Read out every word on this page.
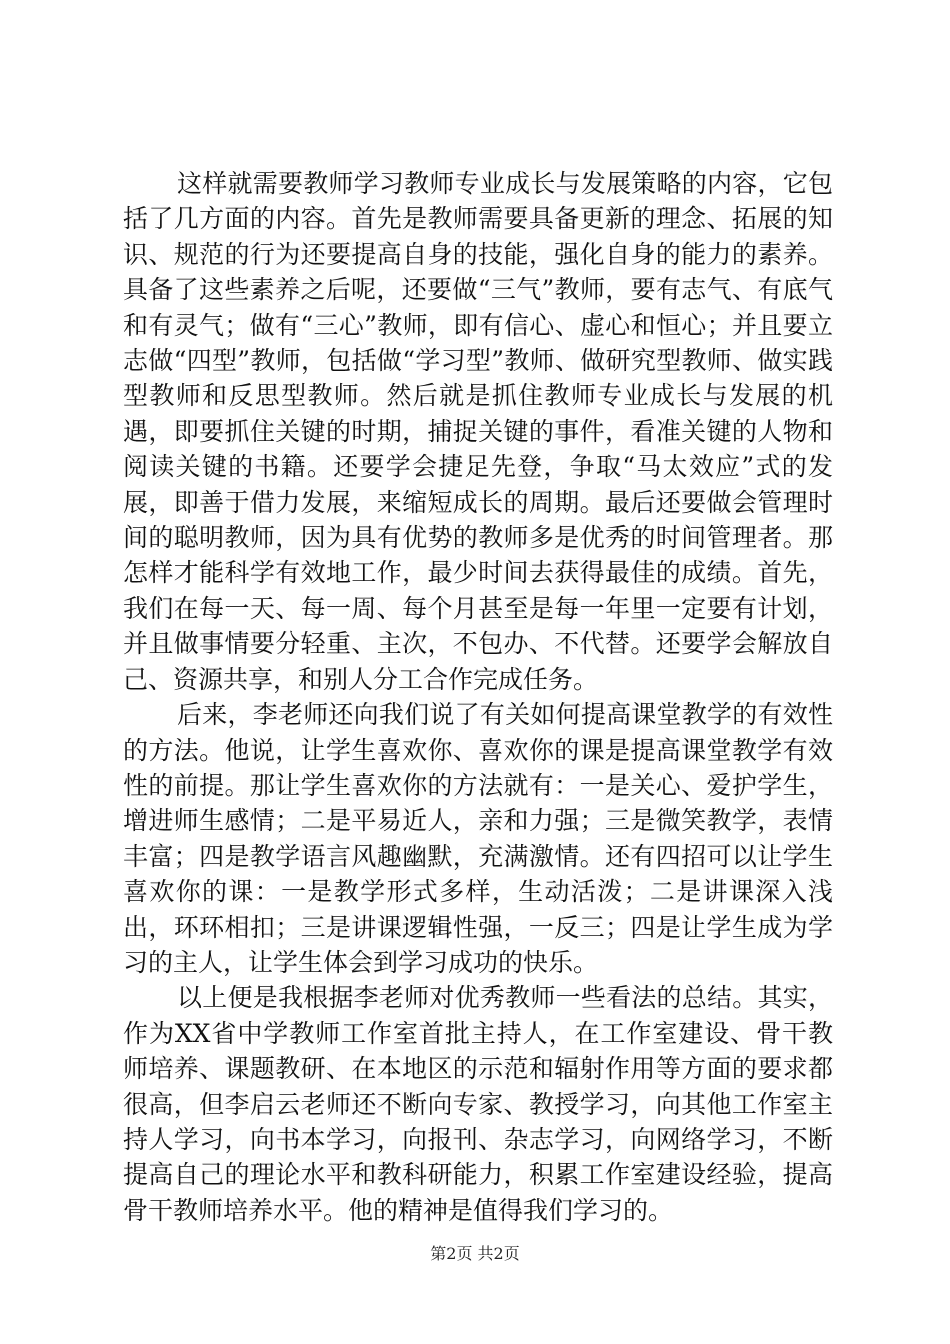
这样就需要教师学习教师专业成长与发展策略的内容，它包括了几方面的内容。首先是教师需要具备更新的理念、拓展的知识、规范的行为还要提高自身的技能，强化自身的能力的素养。具备了这些素养之后呢，还要做“三气”教师，要有志气、有底气和有灵气；做有“三心”教师，即有信心、虚心和恒心；并且要立志做“四型”教师，包括做“学习型”教师、做研究型教师、做实践型教师和反思型教师。然后就是抓住教师专业成长与发展的机遇，即要抓住关键的时期，捕捉关键的事件，看准关键的人物和阅读关键的书籍。还要学会捷足先登，争取“马太效应”式的发展，即善于借力发展，来缩短成长的周期。最后还要做会管理时间的聪明教师，因为具有优势的教师多是优秀的时间管理者。那怎样才能科学有效地工作，最少时间去获得最佳的成绩。首先，我们在每一天、每一周、每个月甚至是每一年里一定要有计划，并且做事情要分轻重、主次，不包办、不代替。还要学会解放自己、资源共享，和别人分工合作完成任务。

后来，李老师还向我们说了有关如何提高课堂教学的有效性的方法。他说，让学生喜欢你、喜欢你的课是提高课堂教学有效性的前提。那让学生喜欢你的方法就有：一是关心、爱护学生，增进师生感情；二是平易近人，亲和力强；三是微笑教学，表情丰富；四是教学语言风趣幽默，充满激情。还有四招可以让学生喜欢你的课：一是教学形式多样，生动活泼；二是讲课深入浅出，环环相扣；三是讲课逻辑性强，一反三；四是让学生成为学习的主人，让学生体会到学习成功的快乐。

以上便是我根据李老师对优秀教师一些看法的总结。其实，作为XX省中学教师工作室首批主持人，在工作室建设、骨干教师培养、课题教研、在本地区的示范和辐射作用等方面的要求都很高，但李启云老师还不断向专家、教授学习，向其他工作室主持人学习，向书本学习，向报刊、杂志学习，向网络学习，不断提高自己的理论水平和教科研能力，积累工作室建设经验，提高骨干教师培养水平。他的精神是值得我们学习的。

第2页 共2页
